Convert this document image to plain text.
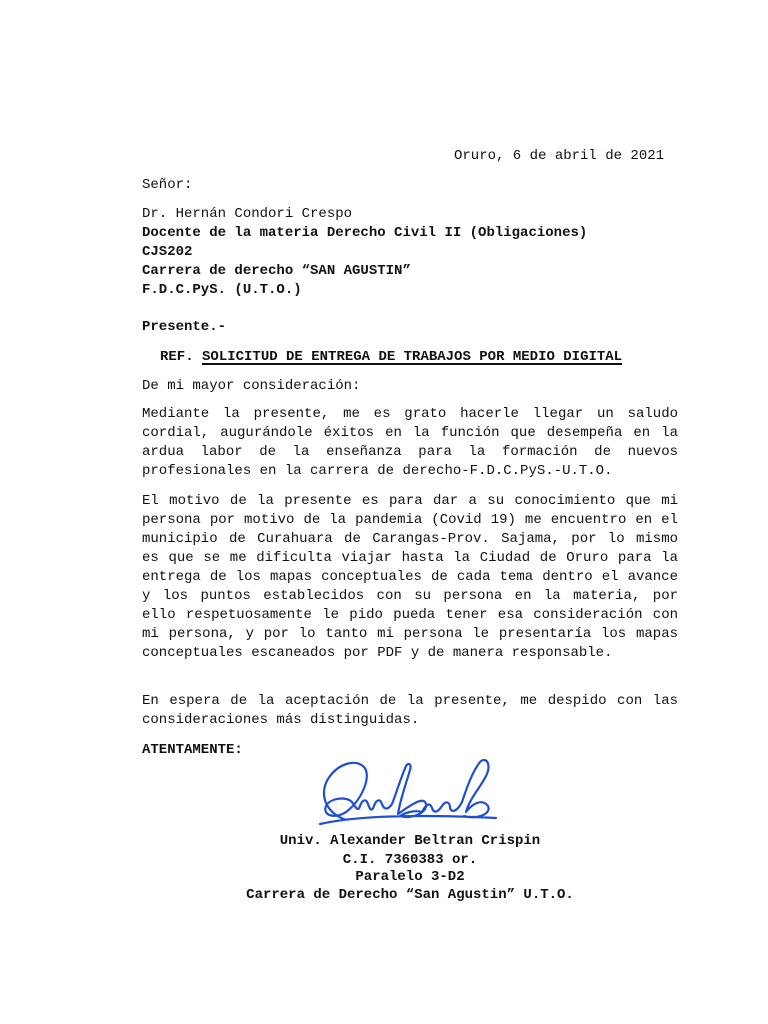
Oruro, 6 de abril de 2021
Señor:
Dr. Hernán Condori Crespo
Docente de la materia Derecho Civil II (Obligaciones)
CJS202
Carrera de derecho “SAN AGUSTIN”
F.D.C.PyS. (U.T.O.)
Presente.-
REF. SOLICITUD DE ENTREGA DE TRABAJOS POR MEDIO DIGITAL
De mi mayor consideración:
Mediante la presente, me es grato hacerle llegar un saludo cordial, augurándole éxitos en la función que desempeña en la ardua labor de la enseñanza para la formación de nuevos profesionales en la carrera de derecho-F.D.C.PyS.-U.T.O.
El motivo de la presente es para dar a su conocimiento que mi persona por motivo de la pandemia (Covid 19) me encuentro en el municipio de Curahuara de Carangas-Prov. Sajama, por lo mismo es que se me dificulta viajar hasta la Ciudad de Oruro para la entrega de los mapas conceptuales de cada tema dentro el avance y los puntos establecidos con su persona en la materia, por ello respetuosamente le pido pueda tener esa consideración con mi persona, y por lo tanto mi persona le presentaría los mapas conceptuales escaneados por PDF y de manera responsable.
En espera de la aceptación de la presente, me despido con las consideraciones más distinguidas.
ATENTAMENTE:
Univ. Alexander Beltran Crispin
C.I. 7360383 or.
Paralelo 3-D2
Carrera de Derecho “San Agustin” U.T.O.
